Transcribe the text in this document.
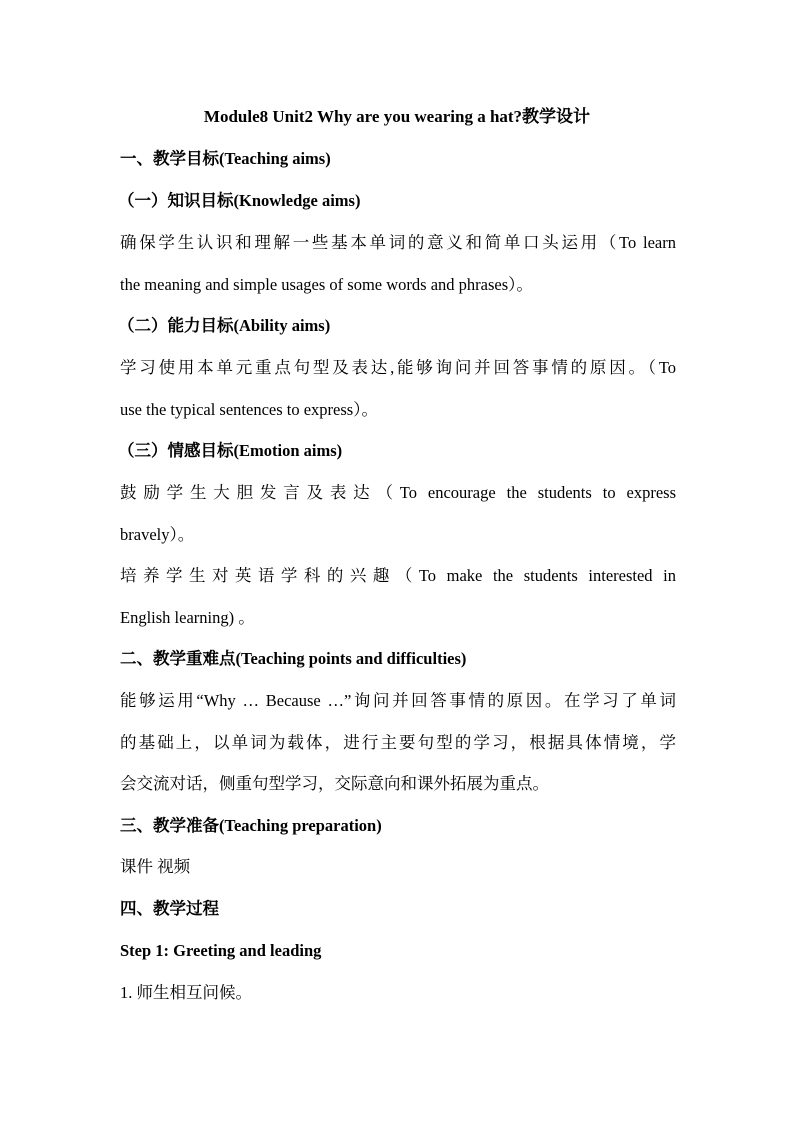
Module8 Unit2 Why are you wearing a hat?教学设计
一、教学目标(Teaching aims)
（一）知识目标(Knowledge aims)
确保学生认识和理解一些基本单词的意义和简单口头运用（To learn
the meaning and simple usages of some words and phrases）。
（二）能力目标(Ability aims)
学习使用本单元重点句型及表达,能够询问并回答事情的原因。（To
use the typical sentences to express）。
（三）情感目标(Emotion aims)
鼓励学生大胆发言及表达（To encourage the students to express
bravely）。
培养学生对英语学科的兴趣（To make the students interested in
English learning) 。
二、教学重难点(Teaching points and difficulties)
能够运用“Why … Because …”询问并回答事情的原因。在学习了单词
的基础上，以单词为载体，进行主要句型的学习，根据具体情境，学
会交流对话，侧重句型学习，交际意向和课外拓展为重点。
三、教学准备(Teaching preparation)
课件 视频
四、教学过程
Step 1: Greeting and leading
1. 师生相互问候。
